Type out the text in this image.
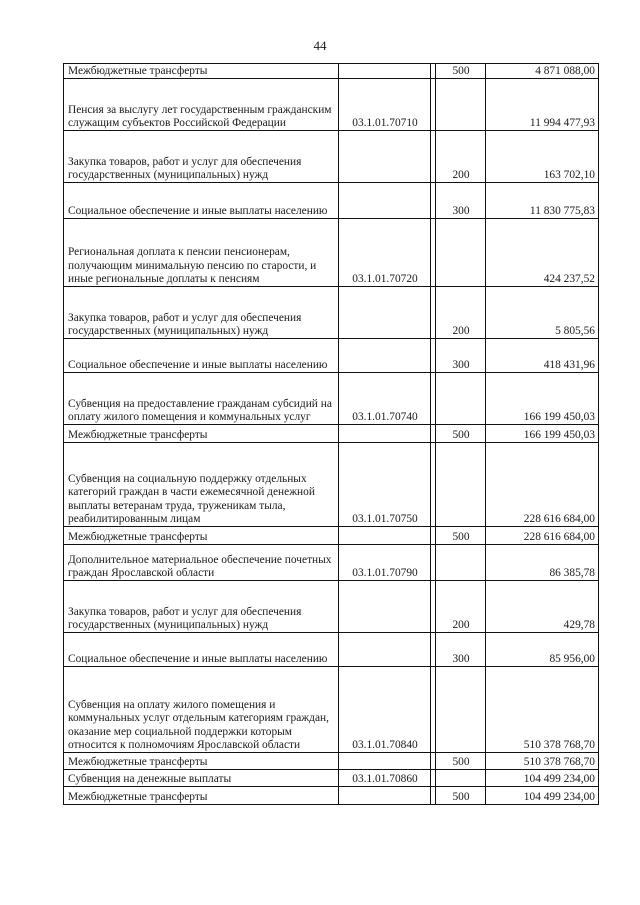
44
Межбюджетные трансферты			500	4 871 088,00
Пенсия за выслугу лет государственным гражданским служащим субъектов Российской Федерации	03.1.01.70710			11 994 477,93
Закупка товаров, работ и услуг для обеспечения государственных (муниципальных) нужд			200	163 702,10
Социальное обеспечение и иные выплаты населению			300	11 830 775,83
Региональная доплата к пенсии пенсионерам, получающим минимальную пенсию по старости, и иные региональные доплаты к пенсиям	03.1.01.70720			424 237,52
Закупка товаров, работ и услуг для обеспечения государственных (муниципальных) нужд			200	5 805,56
Социальное обеспечение и иные выплаты населению			300	418 431,96
Субвенция на предоставление гражданам субсидий на оплату жилого помещения и коммунальных услуг	03.1.01.70740			166 199 450,03
Межбюджетные трансферты			500	166 199 450,03
Субвенция на социальную поддержку отдельных категорий граждан в части ежемесячной денежной выплаты ветеранам труда, труженикам тыла, реабилитированным лицам	03.1.01.70750			228 616 684,00
Межбюджетные трансферты			500	228 616 684,00
Дополнительное материальное обеспечение почетных граждан Ярославской области	03.1.01.70790			86 385,78
Закупка товаров, работ и услуг для обеспечения государственных (муниципальных) нужд			200	429,78
Социальное обеспечение и иные выплаты населению			300	85 956,00
Субвенция на оплату жилого помещения и коммунальных услуг отдельным категориям граждан, оказание мер социальной поддержки которым относится к полномочиям Ярославской области	03.1.01.70840			510 378 768,70
Межбюджетные трансферты			500	510 378 768,70
Субвенция на денежные выплаты	03.1.01.70860			104 499 234,00
Межбюджетные трансферты			500	104 499 234,00
